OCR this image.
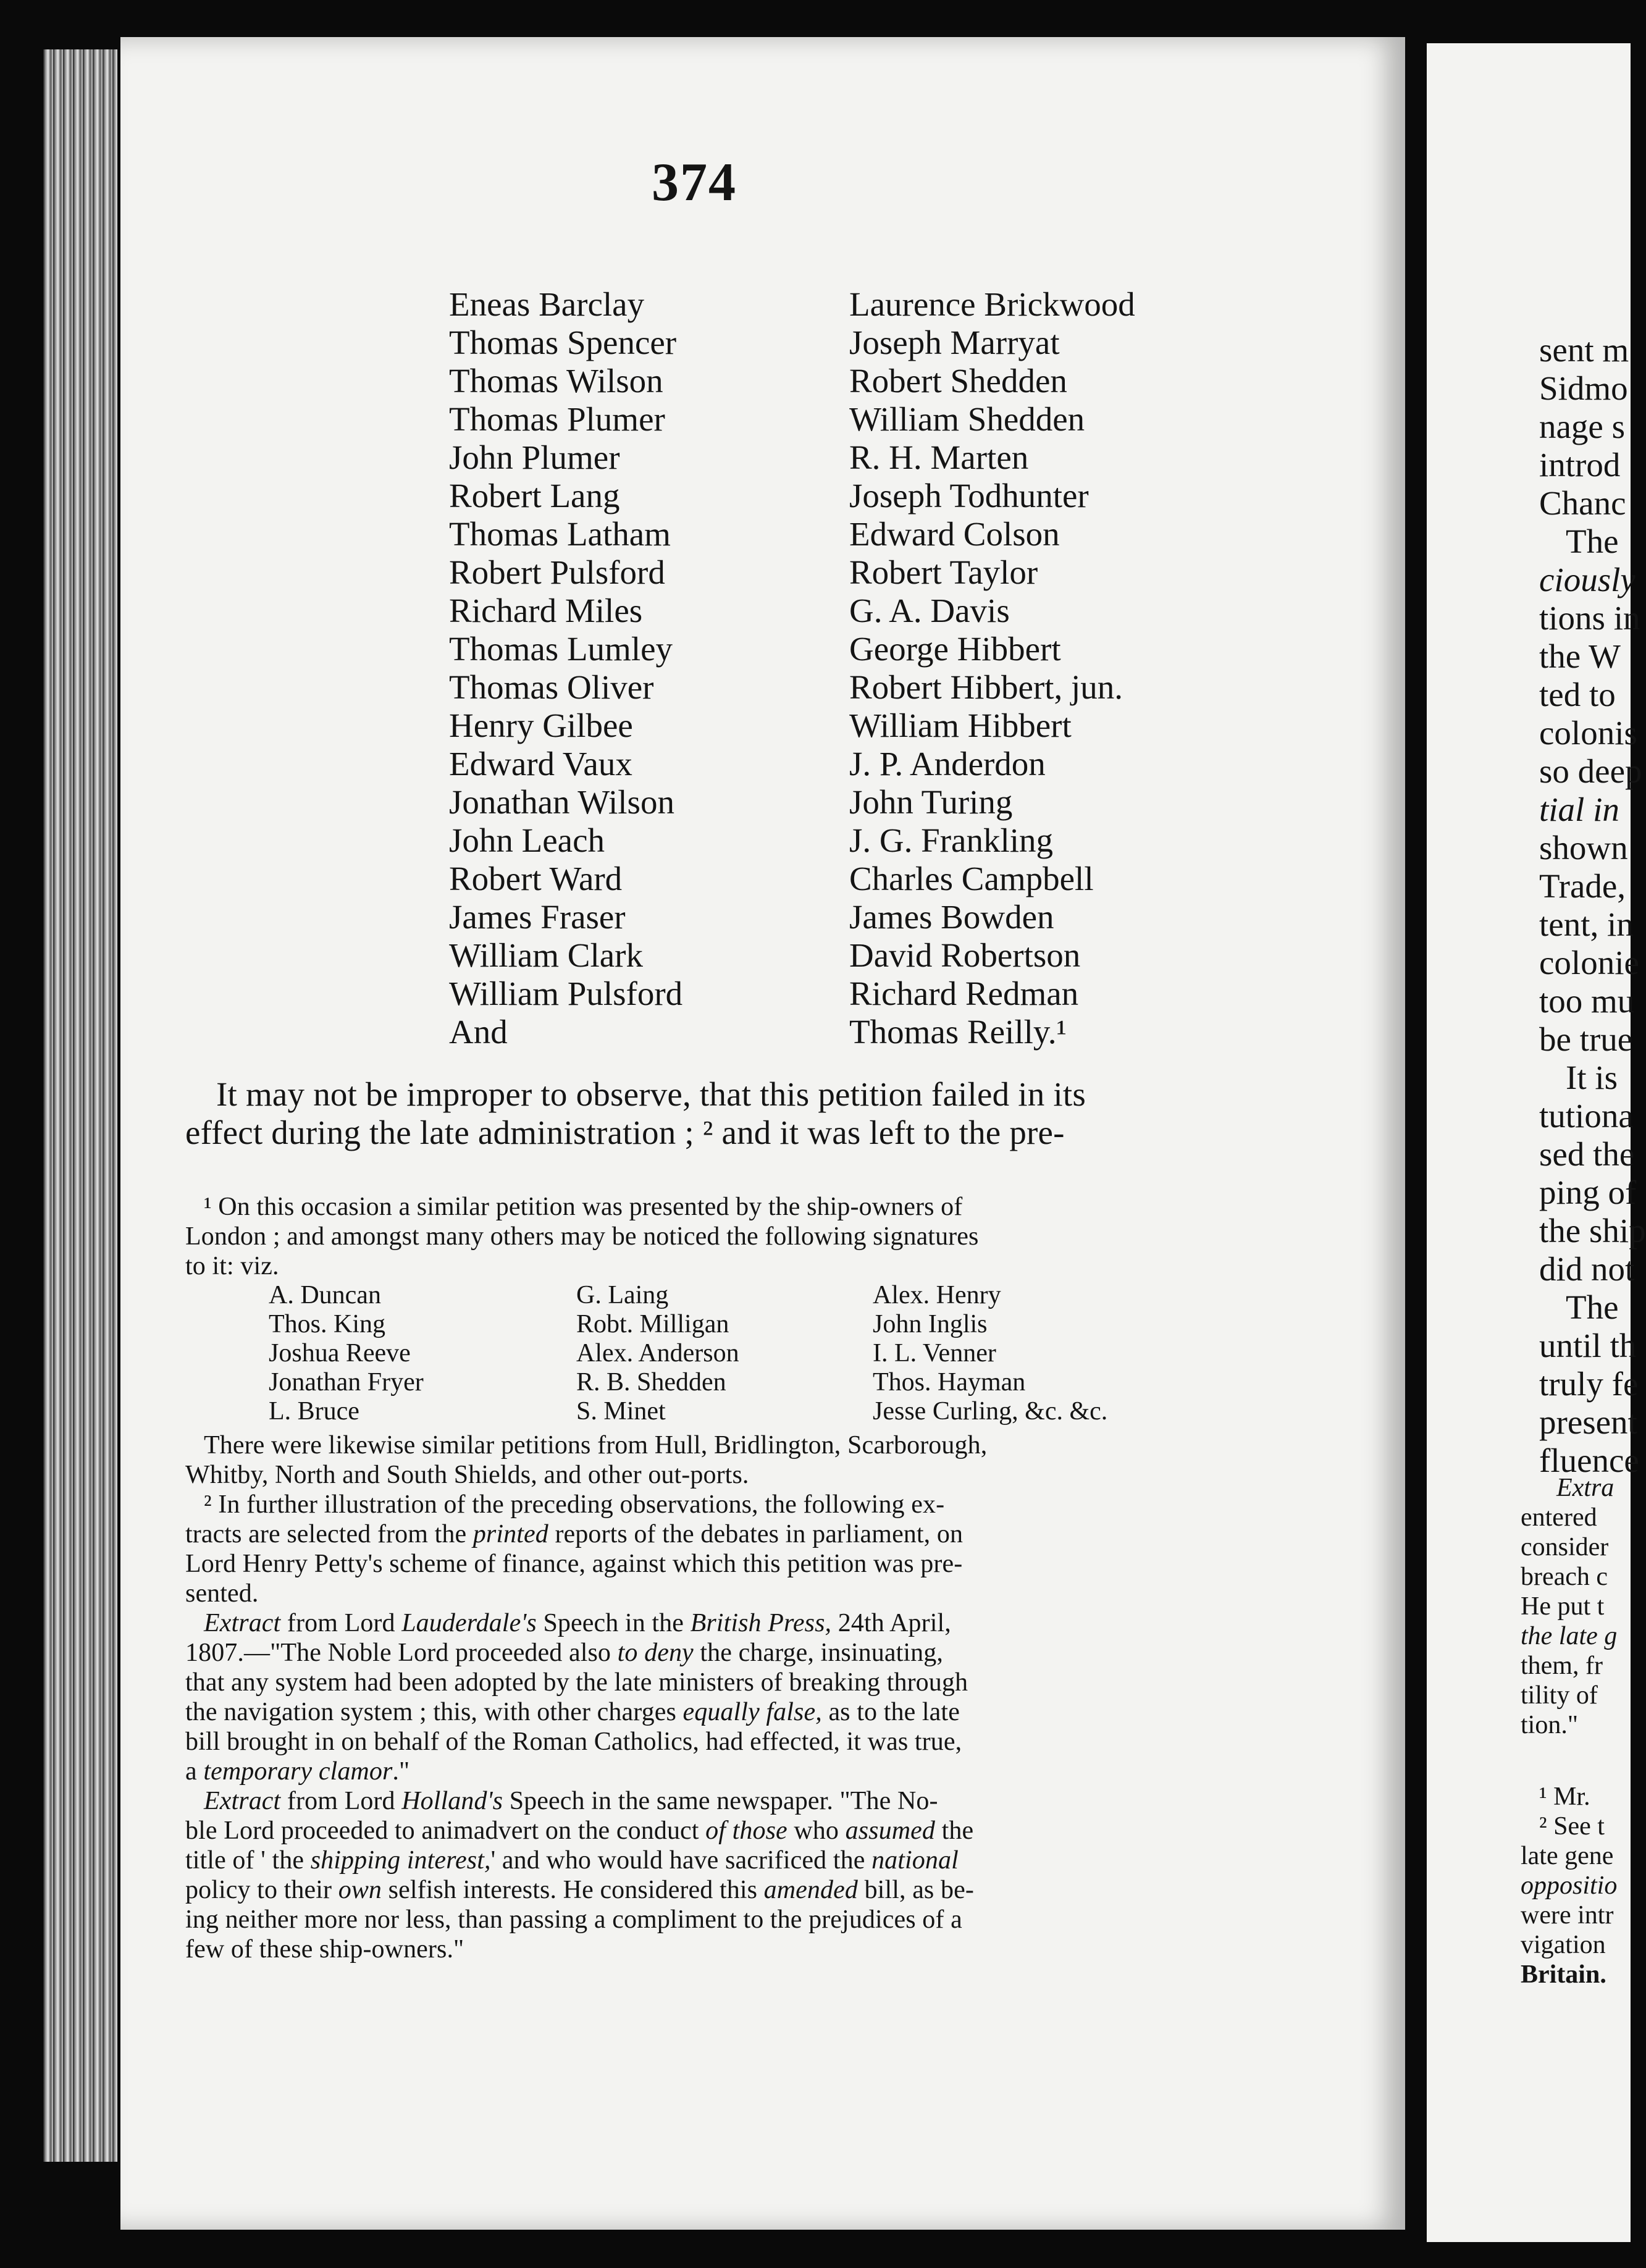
374
Eneas Barclay
Thomas Spencer
Thomas Wilson
Thomas Plumer
John Plumer
Robert Lang
Thomas Latham
Robert Pulsford
Richard Miles
Thomas Lumley
Thomas Oliver
Henry Gilbee
Edward Vaux
Jonathan Wilson
John Leach
Robert Ward
James Fraser
William Clark
William Pulsford
And
Laurence Brickwood
Joseph Marryat
Robert Shedden
William Shedden
R. H. Marten
Joseph Todhunter
Edward Colson
Robert Taylor
G. A. Davis
George Hibbert
Robert Hibbert, jun.
William Hibbert
J. P. Anderdon
John Turing
J. G. Frankling
Charles Campbell
James Bowden
David Robertson
Richard Redman
Thomas Reilly.¹
It may not be improper to observe, that this petition failed in its
effect during the late administration ; ² and it was left to the pre-
¹ On this occasion a similar petition was presented by the ship-owners of
London ; and amongst many others may be noticed the following signatures
to it: viz.
A. Duncan
Thos. King
Joshua Reeve
Jonathan Fryer
L. Bruce
G. Laing
Robt. Milligan
Alex. Anderson
R. B. Shedden
S. Minet
Alex. Henry
John Inglis
I. L. Venner
Thos. Hayman
Jesse Curling, &c. &c.
There were likewise similar petitions from Hull, Bridlington, Scarborough,
Whitby, North and South Shields, and other out-ports.
² In further illustration of the preceding observations, the following ex-
tracts are selected from the printed reports of the debates in parliament, on
Lord Henry Petty's scheme of finance, against which this petition was pre-
sented.
Extract from Lord Lauderdale's Speech in the British Press, 24th April,
1807.—"The Noble Lord proceeded also to deny the charge, insinuating,
that any system had been adopted by the late ministers of breaking through
the navigation system ; this, with other charges equally false, as to the late
bill brought in on behalf of the Roman Catholics, had effected, it was true,
a temporary clamor."
Extract from Lord Holland's Speech in the same newspaper. "The No-
ble Lord proceeded to animadvert on the conduct of those who assumed the
title of ' the shipping interest,' and who would have sacrificed the national
policy to their own selfish interests. He considered this amended bill, as be-
ing neither more nor less, than passing a compliment to the prejudices of a
few of these ship-owners."
sent m
Sidmo
nage s
introd
Chanc
The
ciously
tions in
the W
ted to
colonis
so deep
tial in
shown
Trade,
tent, in
colonie
too mu
be true
It is
tutiona
sed the
ping of
the ship
did not
The
until th
truly fe
present
fluence
Extra
entered
consider
breach c
He put t
the late g
them, fr
tility of
tion."
¹ Mr.
² See t
late gene
oppositio
were intr
vigation
Britain.
